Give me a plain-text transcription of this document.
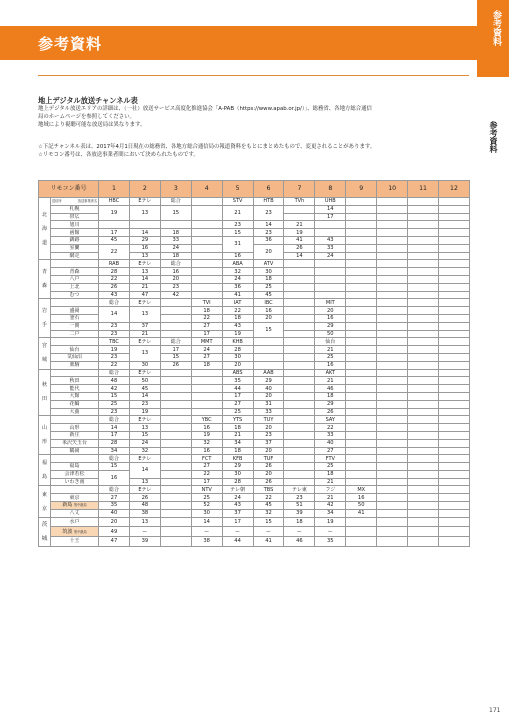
参考資料	参考資料
参考資料
地上デジタル放送チャンネル表

地上デジタル放送エリアの詳細は、（一社）放送サービス高度化推進協会「A-PAB（https://www.apab.or.jp/）」、総務省、各地方総合通信

局のホームページを参照してください。

地域により視聴可能な放送局は異なります。

☆下記チャンネル表は、2017年4月1日現在の総務省、各地方総合通信局の報道資料をもとにまとめたもので、変更されることがあります。

☆リモコン番号は、各放送事業者間において決められたものです。

リモコン番号		1	2	3	4	5	6	7	8	9	10	11	12
北海道	放送事業者名
送信所	HBC	Eテレ	総合		STV	HTB	TVh	UHB				
	札幌	19	13	15		21	23		14				
	帯広								17				
	旭川					23	14	21					
	函館	17	14	18		15	23	19					
	釧路	45	29	33		31	36	41	43				
	室蘭	22	16	24			20	26	33				
	網走		13	18		16		14	24				
青森		RAB	Eテレ	総合		ABA	ATV						
	青森	28	13	16		32	30						
	八戸	22	14	20		24	18						
	上北	26	21	23		36	25						
	むつ	43	47	42		41	45						
岩手		総合	Eテレ		TVI	IAT	IBC		MIT				
	盛岡	14	13		18	22	16		20				
	釜石				22	18	20		16				
	一関	23	37		27	43	15		29				
	二戸	23	21		17	19			50				
宮城		TBC	Eテレ	総合	MMT	KHB			仙台				
	仙台	19	13	17	24	28			21				
	気仙沼	23		15	27	30			25				
	栗駒	22	30	26	18	20			16				
秋田		総合	Eテレ			ABS	AAB		AKT				
	秋田	48	50			35	29		21				
	能代	42	45			44	40		46				
	大館	15	14			17	20		18				
	花輪	25	23			27	31		29				
	大曲	23	19			25	33		26				
山形		総合	Eテレ		YBC	YTS	TUY		SAY				
	山形	14	13		16	18	20		22				
	新庄	17	15		19	21	23		33				
	米沢矢玉台	28	24		32	34	37		40				
	鶴岡	34	32		16	18	20		27				
福島		総合	Eテレ		FCT	KFB	TUF		FTV				
	福島	15	14		27	29	26		25				
	会津若松	16			22	30	20		18				
	いわき南		13		17	28	26		21				
東京		総合	Eテレ		NTV	テレ朝	TBS	テレ東	フジ	MX			
	東京	27	26		25	24	22	23	21	16			
	新島 集中継局	35	48		52	43	45	51	42	50			
	八丈	40	38		30	37	32	39	34	41			
茨城	水戸	20	13		14	17	15	18	19				
	筑波 集中継局	49	ー		ー	ー	ー	ー	ー				
	十王	47	39		38	44	41	46	35				
171
